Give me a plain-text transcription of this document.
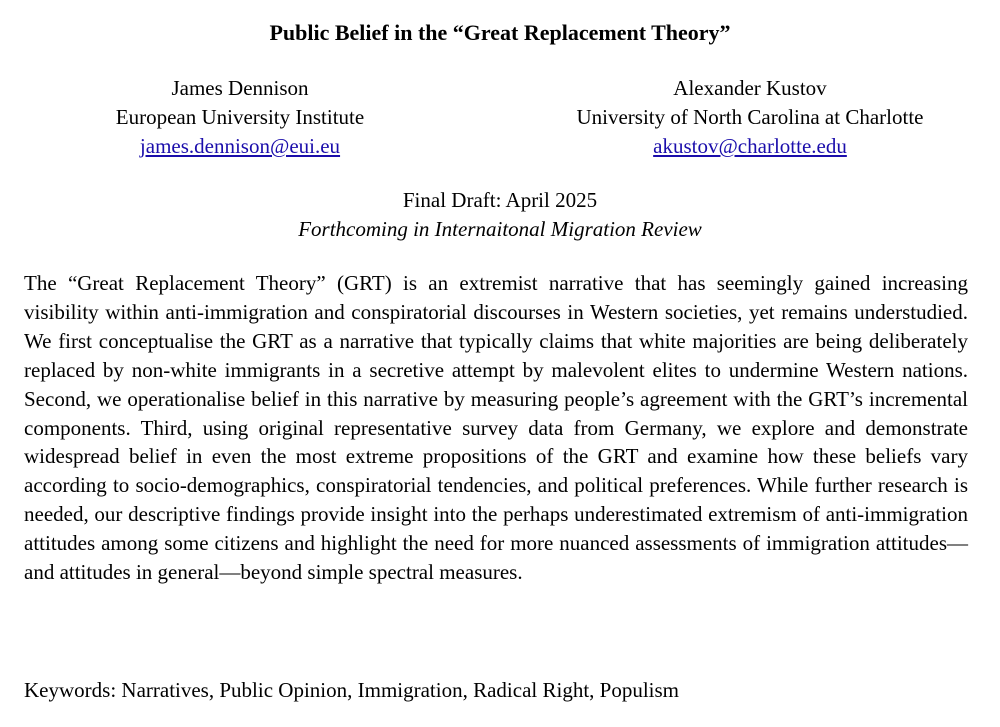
Public Belief in the “Great Replacement Theory”
James Dennison
European University Institute
james.dennison@eui.eu
Alexander Kustov
University of North Carolina at Charlotte
akustov@charlotte.edu
Final Draft: April 2025
Forthcoming in Internaitonal Migration Review

The “Great Replacement Theory” (GRT) is an extremist narrative that has seemingly gained increasing visibility within anti-immigration and conspiratorial discourses in Western societies, yet remains understudied. We first conceptualise the GRT as a narrative that typically claims that white majorities are being deliberately replaced by non-white immigrants in a secretive attempt by malevolent elites to undermine Western nations. Second, we operationalise belief in this narrative by measuring people’s agreement with the GRT’s incremental components. Third, using original representative survey data from Germany, we explore and demonstrate widespread belief in even the most extreme propositions of the GRT and examine how these beliefs vary according to socio-demographics, conspiratorial tendencies, and political preferences. While further research is needed, our descriptive findings provide insight into the perhaps underestimated extremism of anti-immigration attitudes among some citizens and highlight the need for more nuanced assessments of immigration attitudes—and attitudes in general—beyond simple spectral measures.

Keywords: Narratives, Public Opinion, Immigration, Radical Right, Populism
